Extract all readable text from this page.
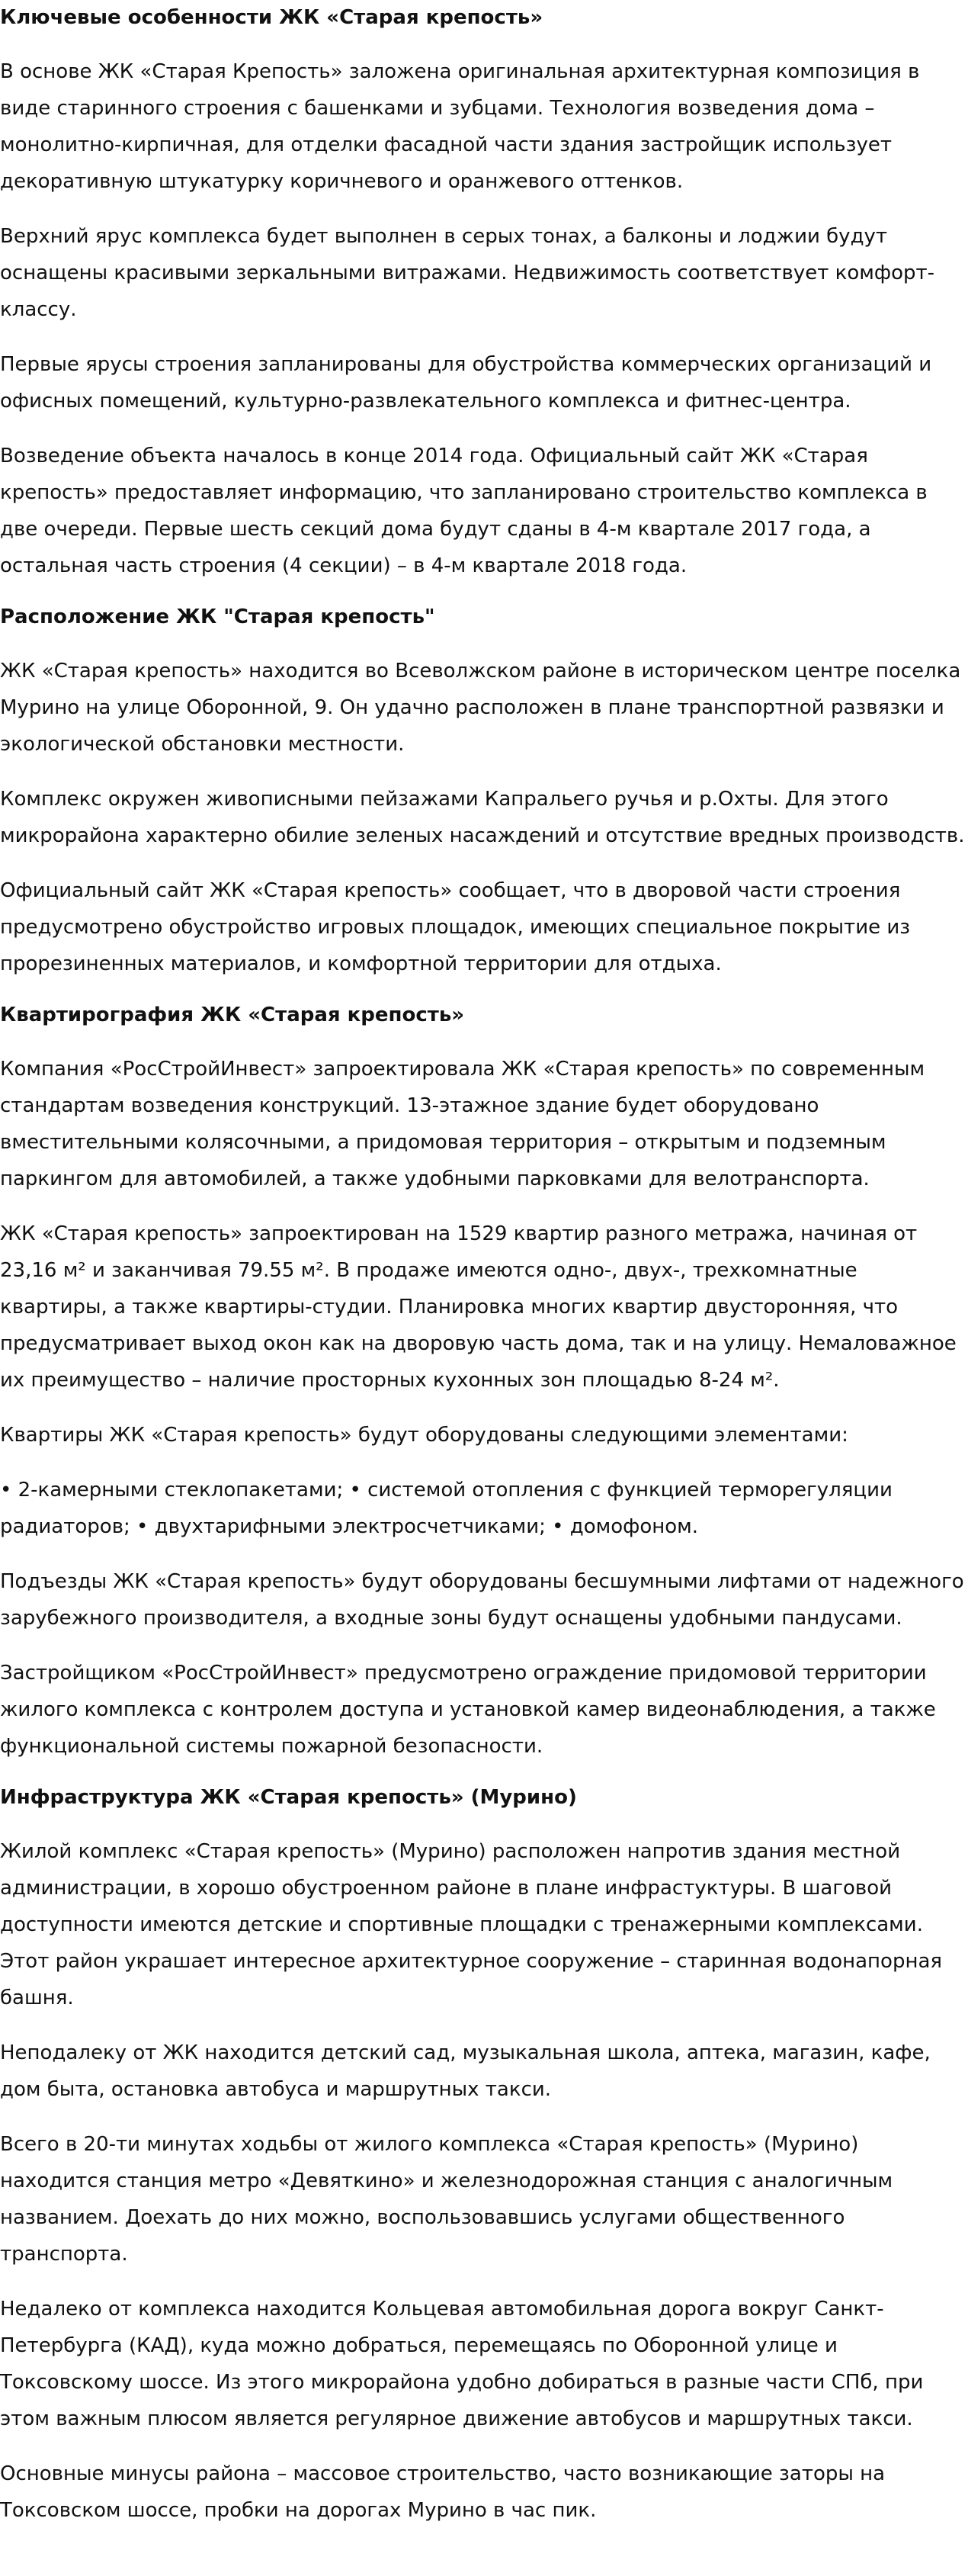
Ключевые особенности ЖК «Старая крепость»

В основе ЖК «Старая Крепость» заложена оригинальная архитектурная композиция в виде старинного строения с башенками и зубцами. Технология возведения дома – монолитно-кирпичная, для отделки фасадной части здания застройщик использует декоративную штукатурку коричневого и оранжевого оттенков.

Верхний ярус комплекса будет выполнен в серых тонах, а балконы и лоджии будут оснащены красивыми зеркальными витражами. Недвижимость соответствует комфорт-классу.

Первые ярусы строения запланированы для обустройства коммерческих организаций и офисных помещений, культурно-развлекательного комплекса и фитнес-центра.

Возведение объекта началось в конце 2014 года. Официальный сайт ЖК «Старая крепость» предоставляет информацию, что запланировано строительство комплекса в две очереди. Первые шесть секций дома будут сданы в 4-м квартале 2017 года, а остальная часть строения (4 секции) – в 4-м квартале 2018 года.

Расположение ЖК "Старая крепость"

ЖК «Старая крепость» находится во Всеволжском районе в историческом центре поселка Мурино на улице Оборонной, 9. Он удачно расположен в плане транспортной развязки и экологической обстановки местности.

Комплекс окружен живописными пейзажами Капральего ручья и р.Охты. Для этого микрорайона характерно обилие зеленых насаждений и отсутствие вредных производств.

Официальный сайт ЖК «Старая крепость» сообщает, что в дворовой части строения предусмотрено обустройство игровых площадок, имеющих специальное покрытие из прорезиненных материалов, и комфортной территории для отдыха.

Квартирография ЖК «Старая крепость»

Компания «РосСтройИнвест» запроектировала ЖК «Старая крепость» по современным стандартам возведения конструкций. 13-этажное здание будет оборудовано вместительными колясочными, а придомовая территория – открытым и подземным паркингом для автомобилей, а также удобными парковками для велотранспорта.

ЖК «Старая крепость» запроектирован на 1529 квартир разного метража, начиная от 23,16 м² и заканчивая 79.55 м². В продаже имеются одно-, двух-, трехкомнатные квартиры, а также квартиры-студии. Планировка многих квартир двусторонняя, что предусматривает выход окон как на дворовую часть дома, так и на улицу. Немаловажное их преимущество – наличие просторных кухонных зон площадью 8-24 м².

Квартиры ЖК «Старая крепость» будут оборудованы следующими элементами:

• 2-камерными стеклопакетами; • системой отопления с функцией терморегуляции радиаторов; • двухтарифными электросчетчиками; • домофоном.

Подъезды ЖК «Старая крепость» будут оборудованы бесшумными лифтами от надежного зарубежного производителя, а входные зоны будут оснащены удобными пандусами.

Застройщиком «РосСтройИнвест» предусмотрено ограждение придомовой территории жилого комплекса с контролем доступа и установкой камер видеонаблюдения, а также функциональной системы пожарной безопасности.

Инфраструктура ЖК «Старая крепость» (Мурино)

Жилой комплекс «Старая крепость» (Мурино) расположен напротив здания местной администрации, в хорошо обустроенном районе в плане инфрастуктуры. В шаговой доступности имеются детские и спортивные площадки с тренажерными комплексами. Этот район украшает интересное архитектурное сооружение – старинная водонапорная башня.

Неподалеку от ЖК находится детский сад, музыкальная школа, аптека, магазин, кафе, дом быта, остановка автобуса и маршрутных такси.

Всего в 20-ти минутах ходьбы от жилого комплекса «Старая крепость» (Мурино) находится станция метро «Девяткино» и железнодорожная станция с аналогичным названием. Доехать до них можно, воспользовавшись услугами общественного транспорта.

Недалеко от комплекса находится Кольцевая автомобильная дорога вокруг Санкт-Петербурга (КАД), куда можно добраться, перемещаясь по Оборонной улице и Токсовскому шоссе. Из этого микрорайона удобно добираться в разные части СПб, при этом важным плюсом является регулярное движение автобусов и маршрутных такси.

Основные минусы района – массовое строительство, часто возникающие заторы на Токсовском шоссе, пробки на дорогах Мурино в час пик.
